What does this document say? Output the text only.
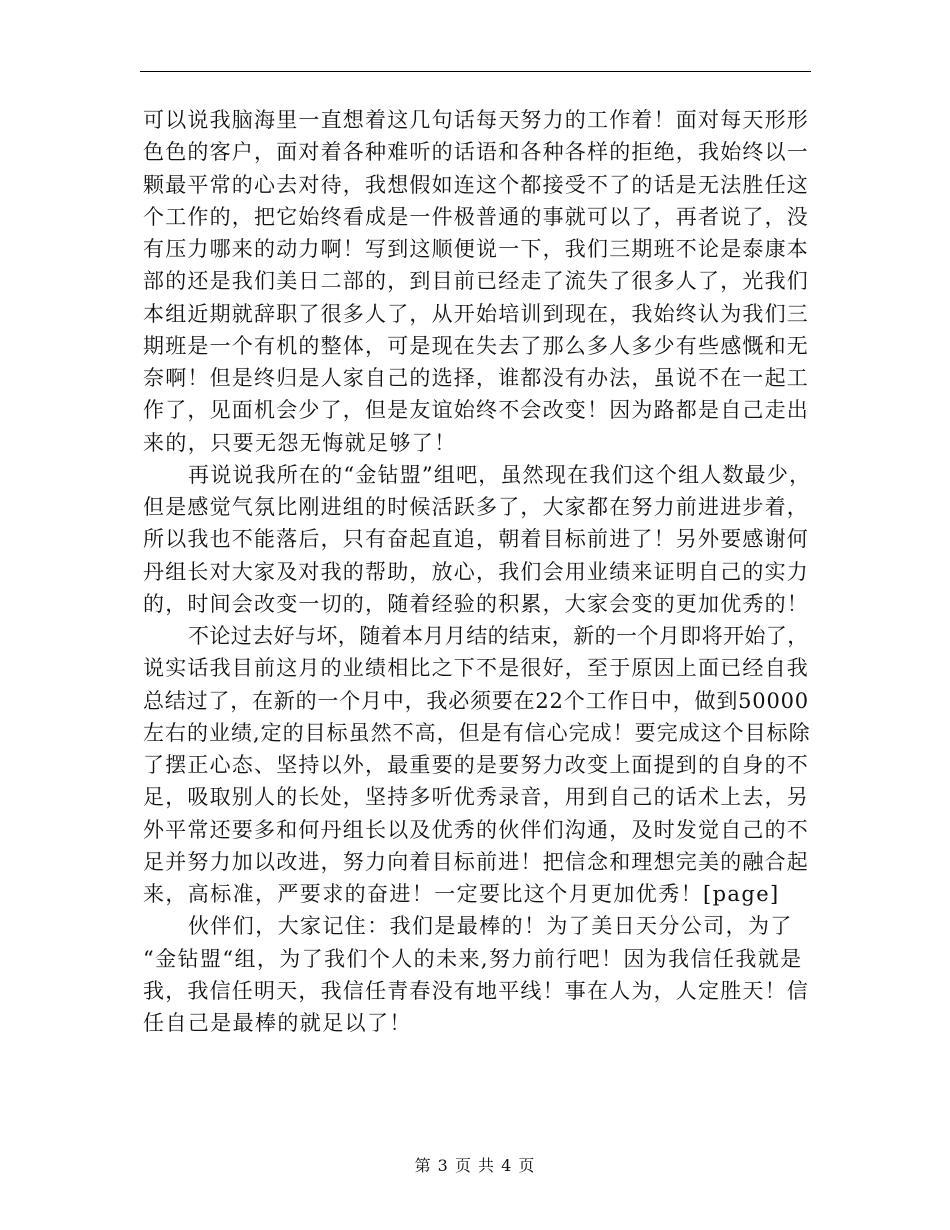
可以说我脑海里一直想着这几句话每天努力的工作着！面对每天形形
色色的客户，面对着各种难听的话语和各种各样的拒绝，我始终以一
颗最平常的心去对待，我想假如连这个都接受不了的话是无法胜任这
个工作的，把它始终看成是一件极普通的事就可以了，再者说了，没
有压力哪来的动力啊！写到这顺便说一下，我们三期班不论是泰康本
部的还是我们美日二部的，到目前已经走了流失了很多人了，光我们
本组近期就辞职了很多人了，从开始培训到现在，我始终认为我们三
期班是一个有机的整体，可是现在失去了那么多人多少有些感慨和无
奈啊！但是终归是人家自己的选择，谁都没有办法，虽说不在一起工
作了，见面机会少了，但是友谊始终不会改变！因为路都是自己走出
来的，只要无怨无悔就足够了！
再说说我所在的“金钻盟”组吧，虽然现在我们这个组人数最少，
但是感觉气氛比刚进组的时候活跃多了，大家都在努力前进进步着，
所以我也不能落后，只有奋起直追，朝着目标前进了！另外要感谢何
丹组长对大家及对我的帮助，放心，我们会用业绩来证明自己的实力
的，时间会改变一切的，随着经验的积累，大家会变的更加优秀的！
不论过去好与坏，随着本月月结的结束，新的一个月即将开始了，
说实话我目前这月的业绩相比之下不是很好，至于原因上面已经自我
总结过了，在新的一个月中，我必须要在22个工作日中，做到50000
左右的业绩,定的目标虽然不高，但是有信心完成！要完成这个目标除
了摆正心态、坚持以外，最重要的是要努力改变上面提到的自身的不
足，吸取别人的长处，坚持多听优秀录音，用到自己的话术上去，另
外平常还要多和何丹组长以及优秀的伙伴们沟通，及时发觉自己的不
足并努力加以改进，努力向着目标前进！把信念和理想完美的融合起
来，高标准，严要求的奋进！一定要比这个月更加优秀！[page]
伙伴们，大家记住：我们是最棒的！为了美日天分公司，为了
“金钻盟“组，为了我们个人的未来,努力前行吧！因为我信任我就是
我，我信任明天，我信任青春没有地平线！事在人为，人定胜天！信
任自己是最棒的就足以了！
第 3 页 共 4 页
